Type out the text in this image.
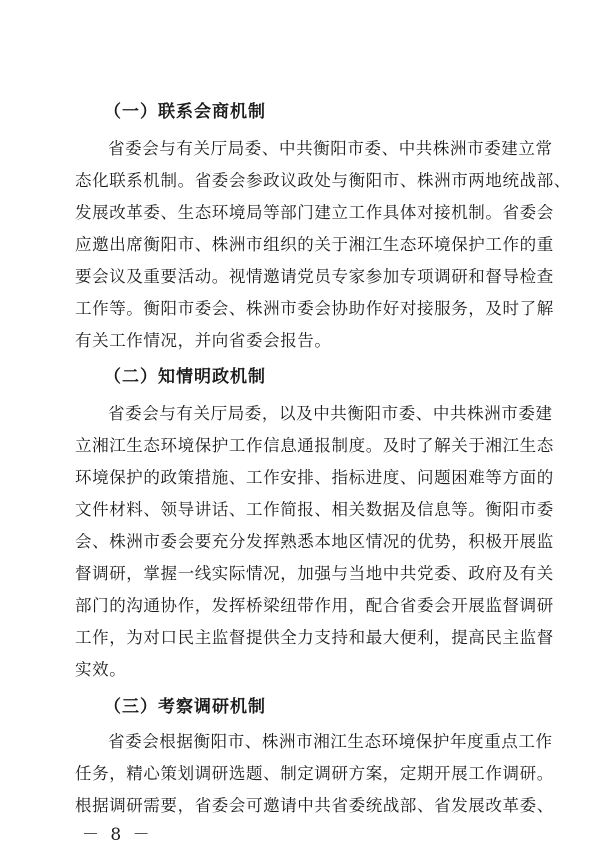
（一）联系会商机制
省委会与有关厅局委、中共衡阳市委、中共株洲市委建立常
态化联系机制。省委会参政议政处与衡阳市、株洲市两地统战部、
发展改革委、生态环境局等部门建立工作具体对接机制。省委会
应邀出席衡阳市、株洲市组织的关于湘江生态环境保护工作的重
要会议及重要活动。视情邀请党员专家参加专项调研和督导检查
工作等。衡阳市委会、株洲市委会协助作好对接服务，及时了解
有关工作情况，并向省委会报告。
（二）知情明政机制
省委会与有关厅局委，以及中共衡阳市委、中共株洲市委建
立湘江生态环境保护工作信息通报制度。及时了解关于湘江生态
环境保护的政策措施、工作安排、指标进度、问题困难等方面的
文件材料、领导讲话、工作简报、相关数据及信息等。衡阳市委
会、株洲市委会要充分发挥熟悉本地区情况的优势，积极开展监
督调研，掌握一线实际情况，加强与当地中共党委、政府及有关
部门的沟通协作，发挥桥梁纽带作用，配合省委会开展监督调研
工作，为对口民主监督提供全力支持和最大便利，提高民主监督
实效。
（三）考察调研机制
省委会根据衡阳市、株洲市湘江生态环境保护年度重点工作
任务，精心策划调研选题、制定调研方案，定期开展工作调研。
根据调研需要，省委会可邀请中共省委统战部、省发展改革委、
－ 8 －
